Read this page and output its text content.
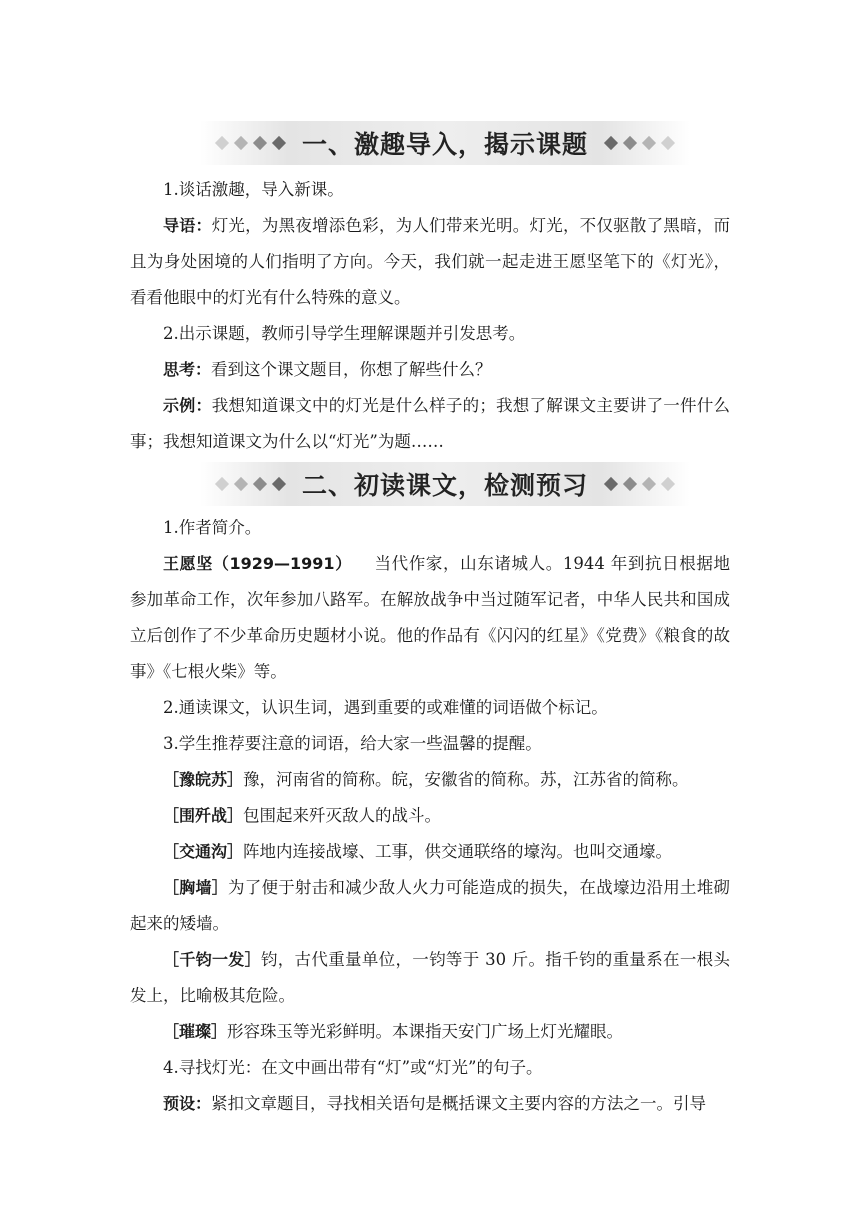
一、激趣导入，揭示课题
1.谈话激趣，导入新课。
导语：灯光，为黑夜增添色彩，为人们带来光明。灯光，不仅驱散了黑暗，而且为身处困境的人们指明了方向。今天，我们就一起走进王愿坚笔下的《灯光》，看看他眼中的灯光有什么特殊的意义。
2.出示课题，教师引导学生理解课题并引发思考。
思考：看到这个课文题目，你想了解些什么？
示例：我想知道课文中的灯光是什么样子的；我想了解课文主要讲了一件什么事；我想知道课文为什么以“灯光”为题……
二、初读课文，检测预习
1.作者简介。
王愿坚（1929—1991） 当代作家，山东诸城人。1944 年到抗日根据地参加革命工作，次年参加八路军。在解放战争中当过随军记者，中华人民共和国成立后创作了不少革命历史题材小说。他的作品有《闪闪的红星》《党费》《粮食的故事》《七根火柴》等。
2.通读课文，认识生词，遇到重要的或难懂的词语做个标记。
3.学生推荐要注意的词语，给大家一些温馨的提醒。
［豫皖苏］豫，河南省的简称。皖，安徽省的简称。苏，江苏省的简称。
［围歼战］包围起来歼灭敌人的战斗。
［交通沟］阵地内连接战壕、工事，供交通联络的壕沟。也叫交通壕。
［胸墙］为了便于射击和减少敌人火力可能造成的损失，在战壕边沿用土堆砌起来的矮墙。
［千钧一发］钧，古代重量单位，一钧等于 30 斤。指千钧的重量系在一根头发上，比喻极其危险。
［璀璨］形容珠玉等光彩鲜明。本课指天安门广场上灯光耀眼。
4.寻找灯光：在文中画出带有“灯”或“灯光”的句子。
预设：紧扣文章题目，寻找相关语句是概括课文主要内容的方法之一。引导
